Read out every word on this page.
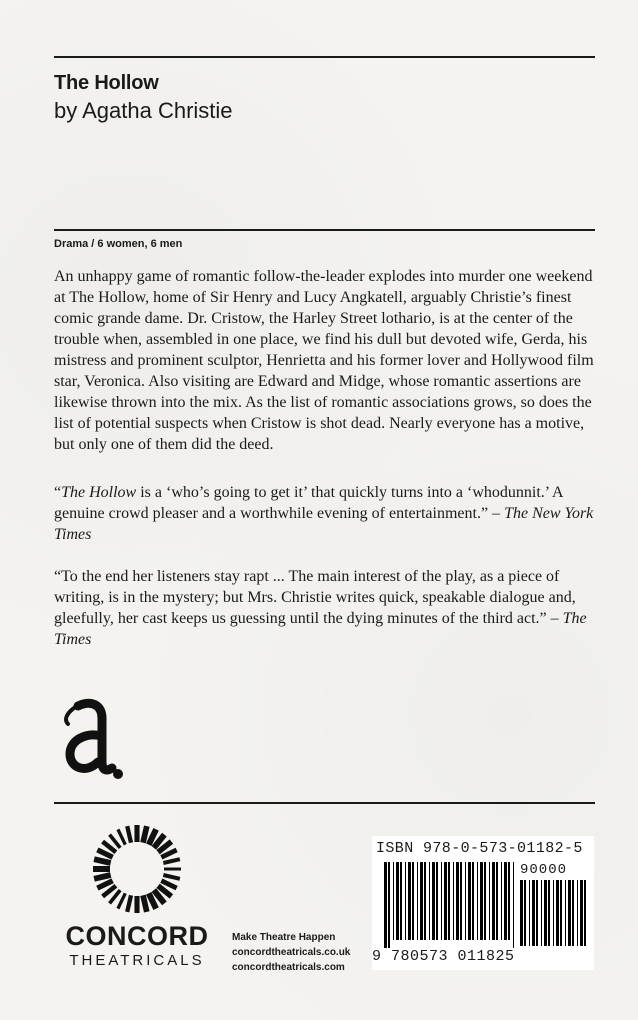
The Hollow
by Agatha Christie
Drama / 6 women, 6 men

An unhappy game of romantic follow-the-leader explodes into murder one weekend at The Hollow, home of Sir Henry and Lucy Angkatell, arguably Christie’s finest comic grande dame. Dr. Cristow, the Harley Street lothario, is at the center of the trouble when, assembled in one place, we find his dull but devoted wife, Gerda, his mistress and prominent sculptor, Henrietta and his former lover and Hollywood film star, Veronica. Also visiting are Edward and Midge, whose romantic assertions are likewise thrown into the mix. As the list of romantic associations grows, so does the list of potential suspects when Cristow is shot dead. Nearly everyone has a motive, but only one of them did the deed.

“The Hollow is a ‘who’s going to get it’ that quickly turns into a ‘whodunnit.’ A genuine crowd pleaser and a worthwhile evening of entertainment.” – The New York Times

“To the end her listeners stay rapt ... The main interest of the play, as a piece of writing, is in the mystery; but Mrs. Christie writes quick, speakable dialogue and, gleefully, her cast keeps us guessing until the dying minutes of the third act.” – The Times

CONCORD
THEATRICALS
Make Theatre Happen
concordtheatricals.co.uk
concordtheatricals.com
ISBN 978-0-573-01182-5
90000
9 780573 011825
